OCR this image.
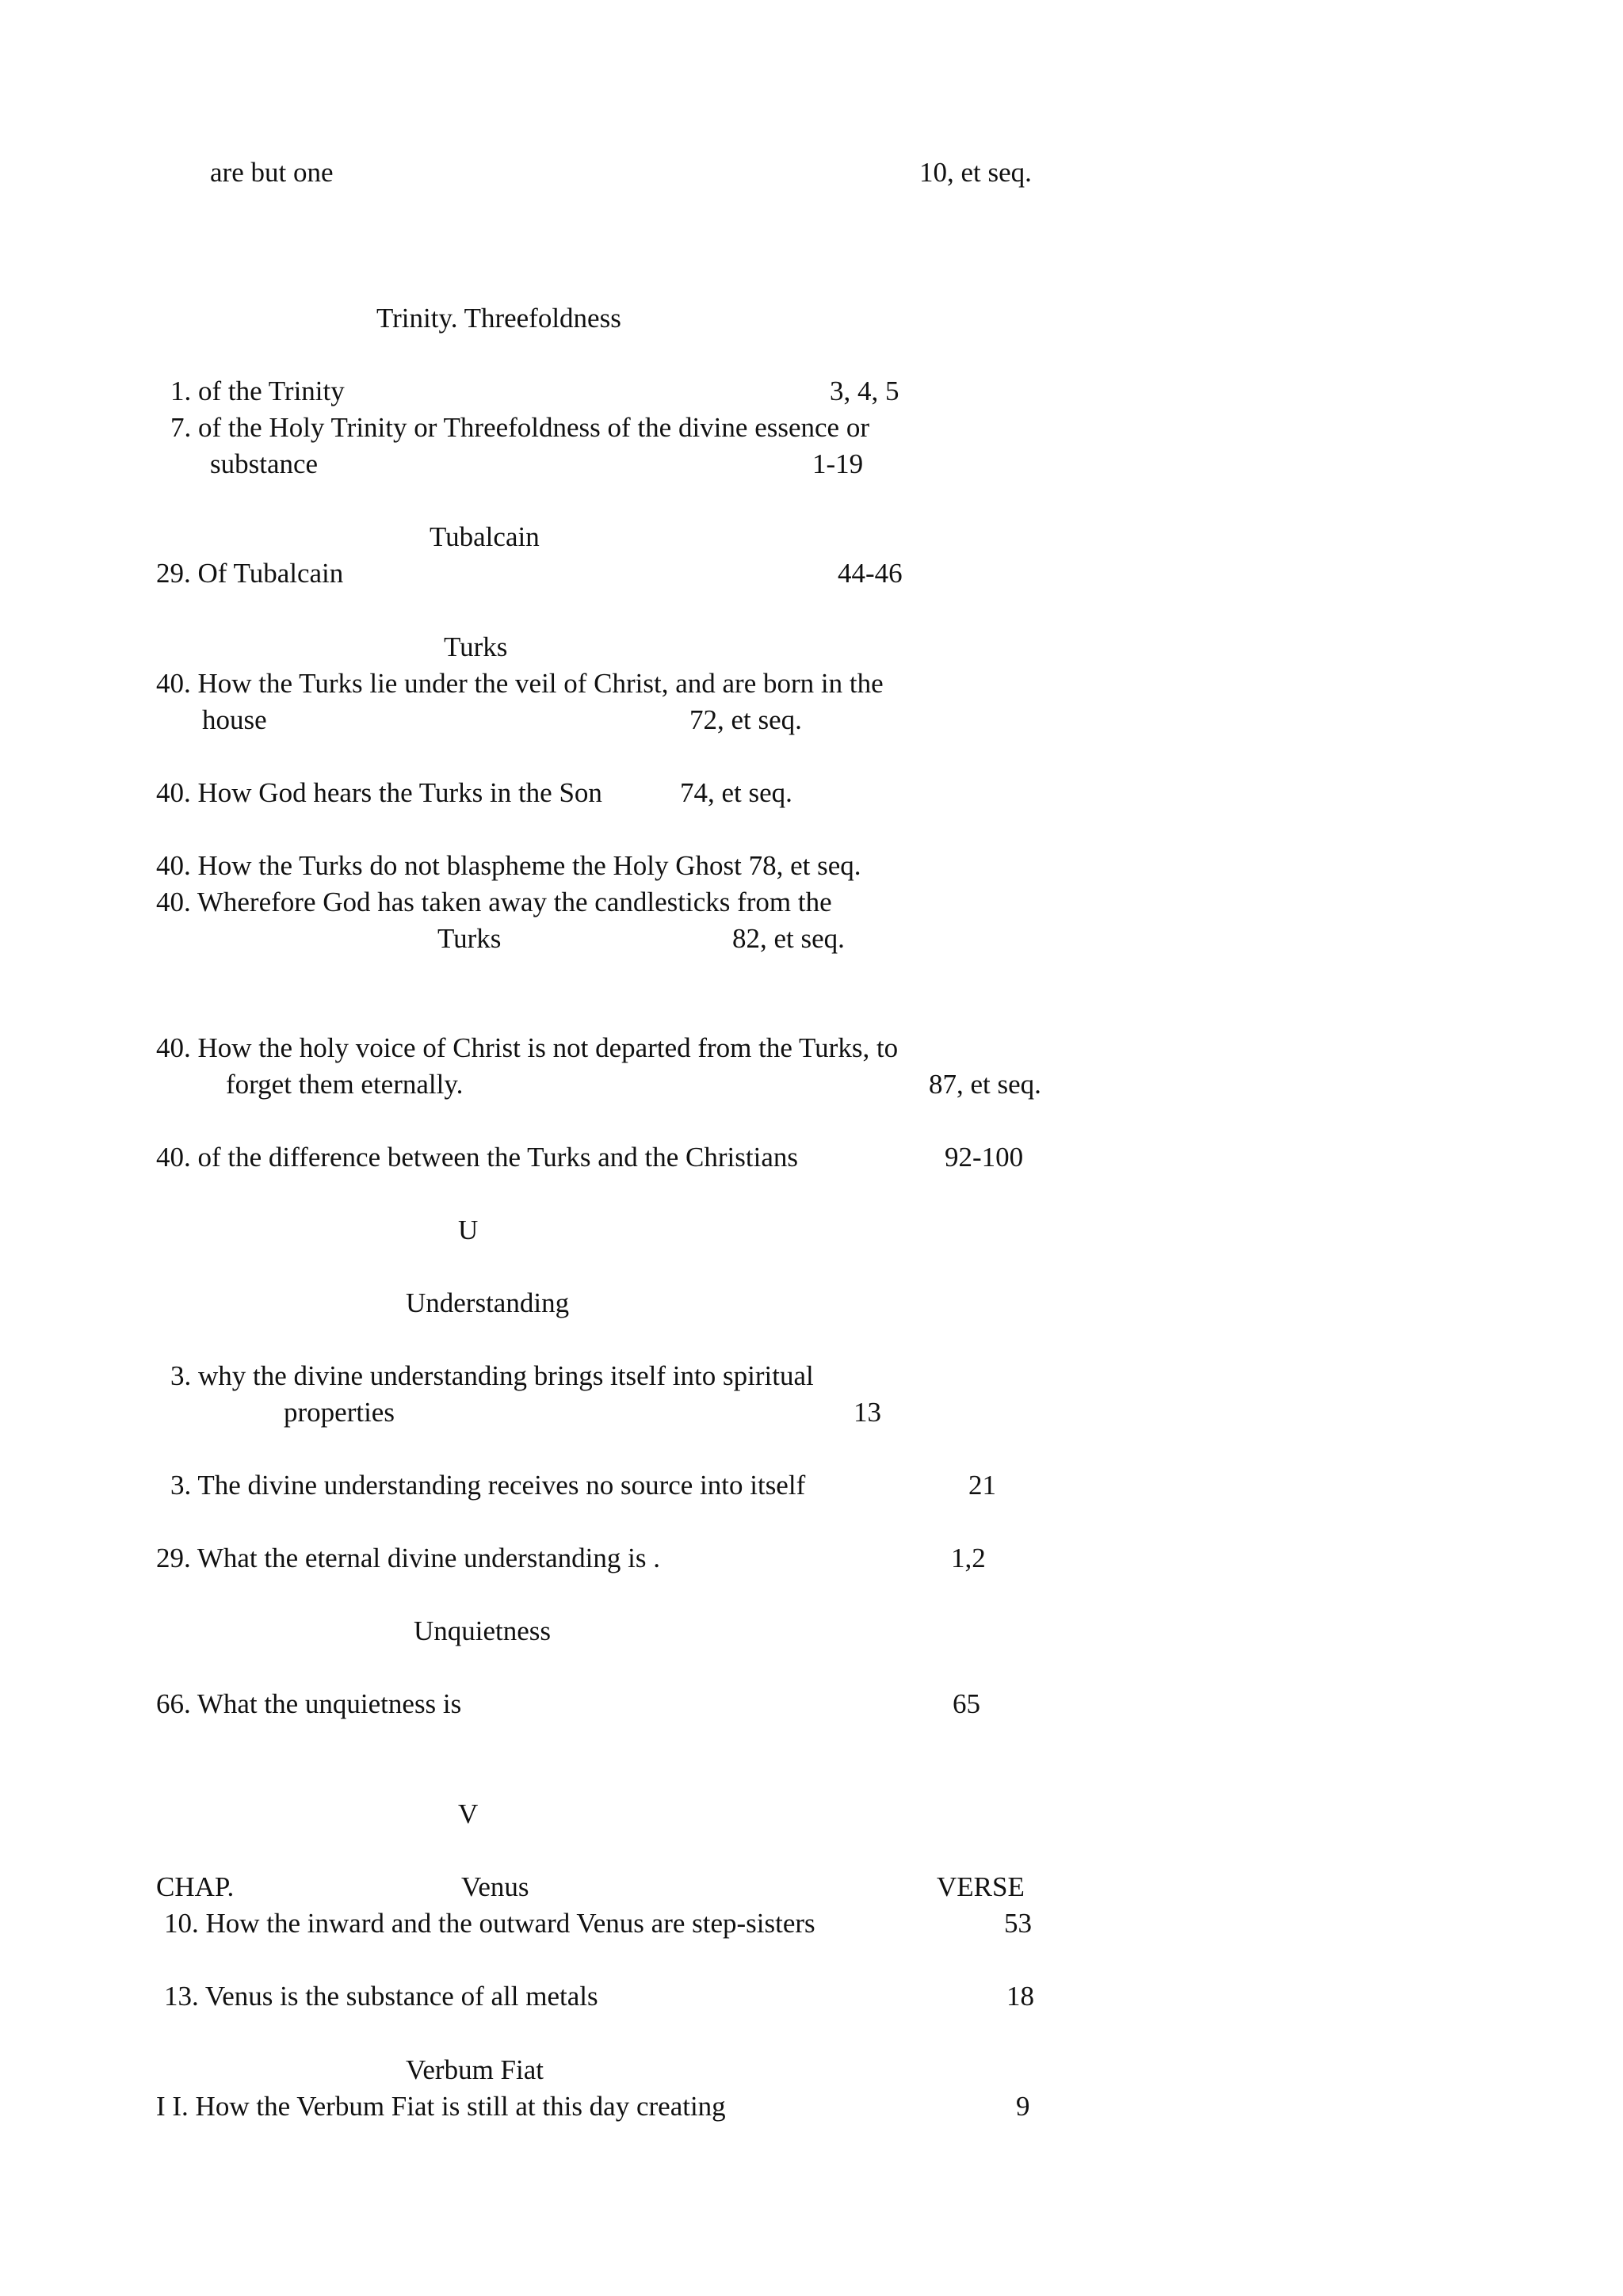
are but one	10, et seq.

Trinity. Threefoldness

1. of the Trinity	3, 4, 5

7. of the Holy Trinity or Threefoldness of the divine essence or

substance	1-19

Tubalcain

29. Of Tubalcain	44-46

Turks

40. How the Turks lie under the veil of Christ, and are born in the

house	72, et seq.

40. How God hears the Turks in the Son	74, et seq.

40. How the Turks do not blaspheme the Holy Ghost 78, et seq.

40. Wherefore God has taken away the candlesticks from the

Turks	82, et seq.

40. How the holy voice of Christ is not departed from the Turks, to

forget them eternally.	87, et seq.

40. of the difference between the Turks and the Christians	92-100

U

Understanding

3. why the divine understanding brings itself into spiritual

properties	13

3. The divine understanding receives no source into itself	21

29. What the eternal divine understanding is .	1,2

Unquietness

66. What the unquietness is	65

V

CHAP.	Venus	VERSE

10. How the inward and the outward Venus are step-sisters	53

13. Venus is the substance of all metals	18

Verbum Fiat

I I. How the Verbum Fiat is still at this day creating	9
